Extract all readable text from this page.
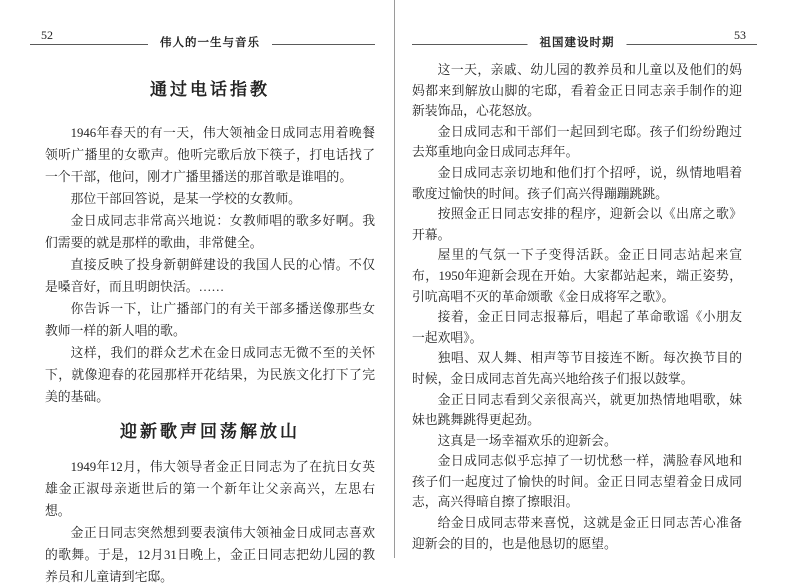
52
伟人的一生与音乐
通过电话指教

1946年春天的有一天，伟大领袖金日成同志用着晚餐领听广播里的女歌声。他听完歌后放下筷子，打电话找了一个干部，他问，刚才广播里播送的那首歌是谁唱的。

那位干部回答说，是某一学校的女教师。

金日成同志非常高兴地说：女教师唱的歌多好啊。我们需要的就是那样的歌曲，非常健全。

直接反映了投身新朝鲜建设的我国人民的心情。不仅是嗓音好，而且明朗快活。……

你告诉一下，让广播部门的有关干部多播送像那些女教师一样的新人唱的歌。

这样，我们的群众艺术在金日成同志无微不至的关怀下，就像迎春的花园那样开花结果，为民族文化打下了完美的基础。

迎新歌声回荡解放山

1949年12月，伟大领导者金正日同志为了在抗日女英雄金正淑母亲逝世后的第一个新年让父亲高兴，左思右想。

金正日同志突然想到要表演伟大领袖金日成同志喜欢的歌舞。于是，12月31日晚上，金正日同志把幼儿园的教养员和儿童请到宅邸。

祖国建设时期
53

这一天，亲戚、幼儿园的教养员和儿童以及他们的妈妈都来到解放山脚的宅邸，看着金正日同志亲手制作的迎新装饰品，心花怒放。

金日成同志和干部们一起回到宅邸。孩子们纷纷跑过去郑重地向金日成同志拜年。

金日成同志亲切地和他们打个招呼，说，纵情地唱着歌度过愉快的时间。孩子们高兴得蹦蹦跳跳。

按照金正日同志安排的程序，迎新会以《出席之歌》开幕。

屋里的气氛一下子变得活跃。金正日同志站起来宣布，1950年迎新会现在开始。大家都站起来，端正姿势，引吭高唱不灭的革命颂歌《金日成将军之歌》。

接着，金正日同志报幕后，唱起了革命歌谣《小朋友一起欢唱》。

独唱、双人舞、相声等节目接连不断。每次换节目的时候，金日成同志首先高兴地给孩子们报以鼓掌。

金正日同志看到父亲很高兴，就更加热情地唱歌，妹妹也跳舞跳得更起劲。

这真是一场幸福欢乐的迎新会。

金日成同志似乎忘掉了一切忧愁一样，满脸春风地和孩子们一起度过了愉快的时间。金正日同志望着金日成同志，高兴得暗自擦了擦眼泪。

给金日成同志带来喜悦，这就是金正日同志苦心准备迎新会的目的，也是他恳切的愿望。
